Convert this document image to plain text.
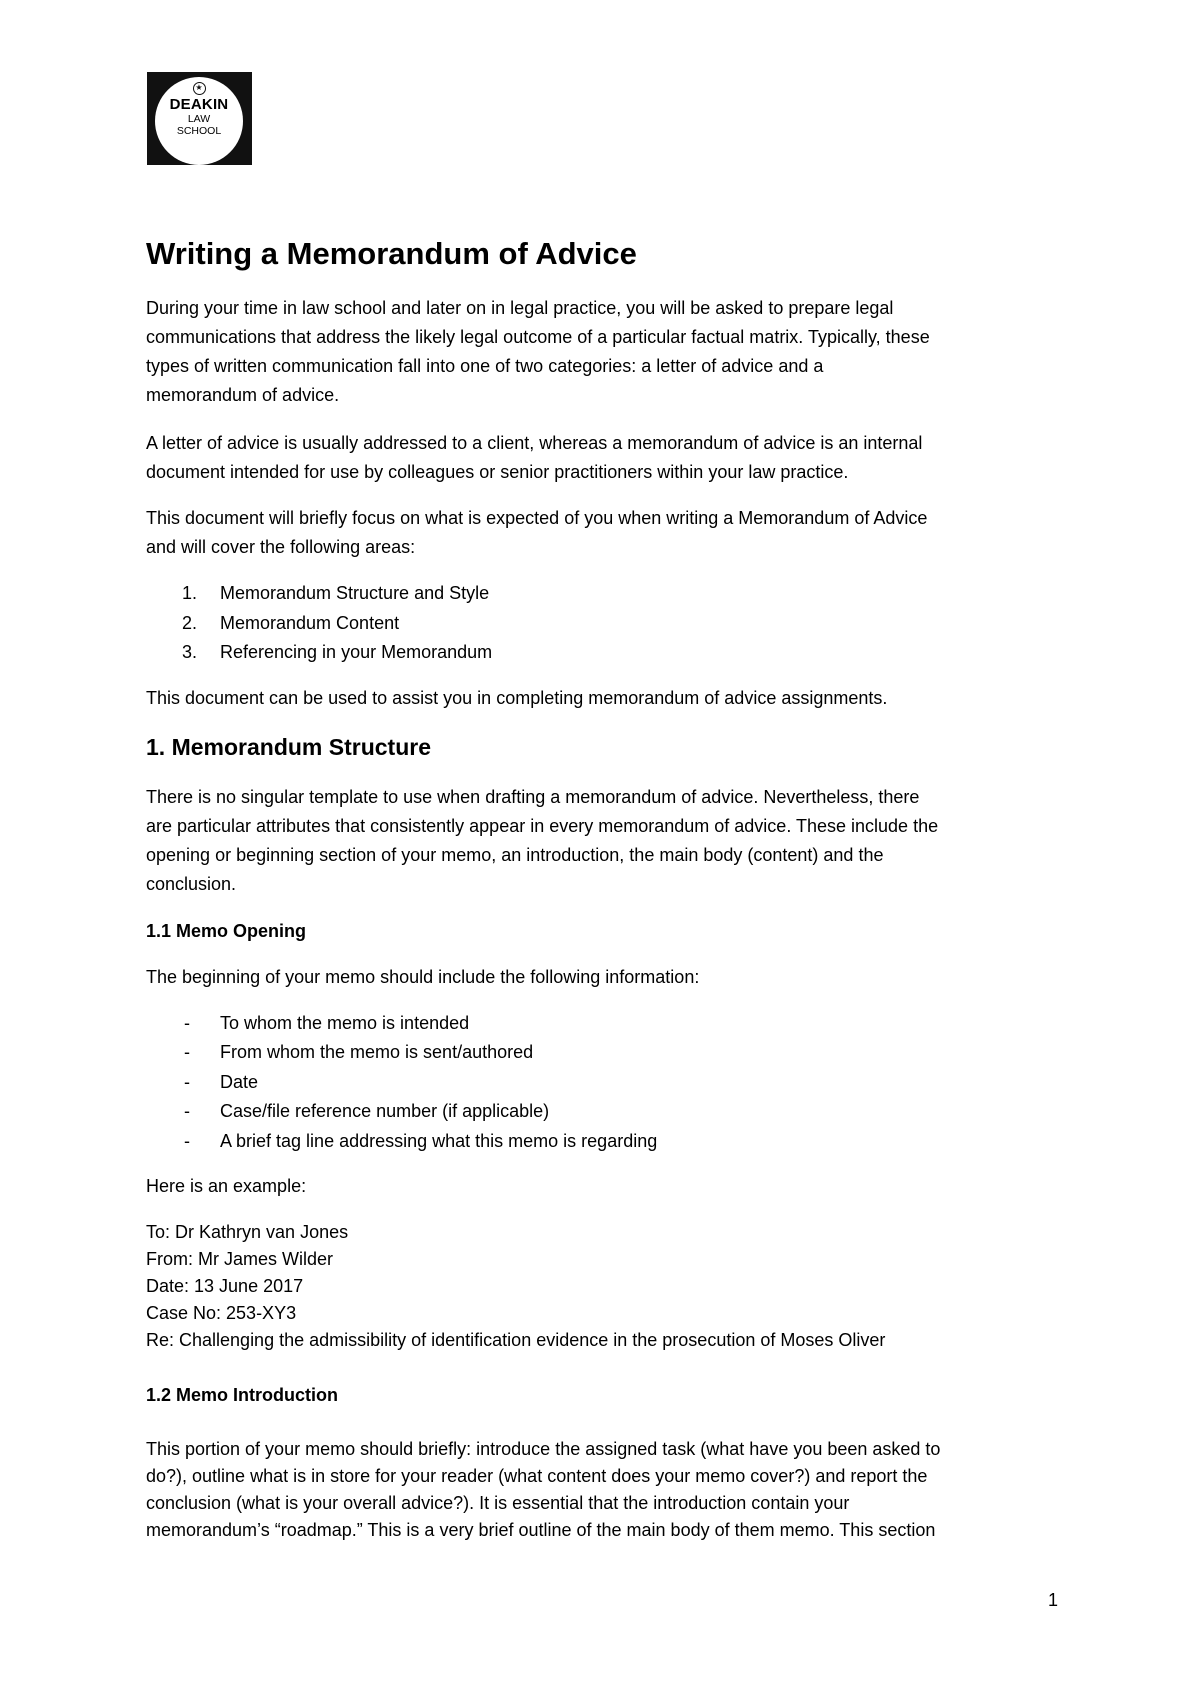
★
DEAKIN
LAW
SCHOOL
Writing a Memorandum of Advice
During your time in law school and later on in legal practice, you will be asked to prepare legal
communications that address the likely legal outcome of a particular factual matrix. Typically, these
types of written communication fall into one of two categories: a letter of advice and a
memorandum of advice.
A letter of advice is usually addressed to a client, whereas a memorandum of advice is an internal
document intended for use by colleagues or senior practitioners within your law practice.
This document will briefly focus on what is expected of you when writing a Memorandum of Advice
and will cover the following areas:
1. Memorandum Structure and Style
2. Memorandum Content
3. Referencing in your Memorandum
This document can be used to assist you in completing memorandum of advice assignments.
1. Memorandum Structure
There is no singular template to use when drafting a memorandum of advice. Nevertheless, there
are particular attributes that consistently appear in every memorandum of advice. These include the
opening or beginning section of your memo, an introduction, the main body (content) and the
conclusion.
1.1 Memo Opening
The beginning of your memo should include the following information:
- To whom the memo is intended
- From whom the memo is sent/authored
- Date
- Case/file reference number (if applicable)
- A brief tag line addressing what this memo is regarding
Here is an example:
To: Dr Kathryn van Jones
From: Mr James Wilder
Date: 13 June 2017
Case No: 253-XY3
Re: Challenging the admissibility of identification evidence in the prosecution of Moses Oliver
1.2 Memo Introduction
This portion of your memo should briefly: introduce the assigned task (what have you been asked to
do?), outline what is in store for your reader (what content does your memo cover?) and report the
conclusion (what is your overall advice?). It is essential that the introduction contain your
memorandum’s “roadmap.” This is a very brief outline of the main body of them memo. This section
1
